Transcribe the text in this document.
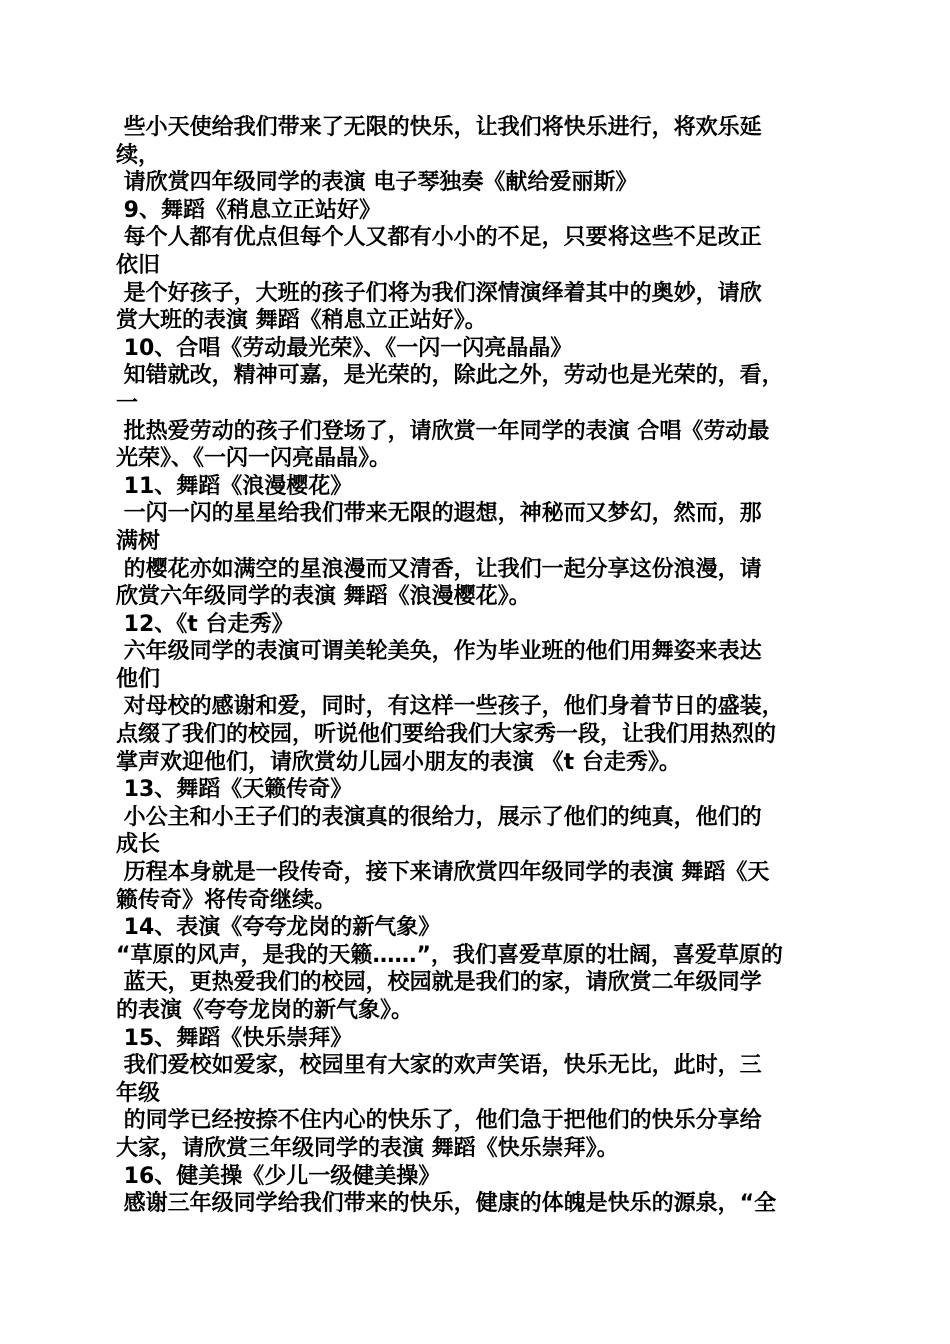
些小天使给我们带来了无限的快乐，让我们将快乐进行，将欢乐延

续，

请欣赏四年级同学的表演 电子琴独奏《献给爱丽斯》

9、舞蹈《稍息立正站好》

每个人都有优点但每个人又都有小小的不足，只要将这些不足改正

依旧

是个好孩子，大班的孩子们将为我们深情演绎着其中的奥妙，请欣

赏大班的表演 舞蹈《稍息立正站好》。

10、合唱《劳动最光荣》、《一闪一闪亮晶晶》

知错就改，精神可嘉，是光荣的，除此之外，劳动也是光荣的，看，

一

批热爱劳动的孩子们登场了，请欣赏一年同学的表演 合唱《劳动最

光荣》、《一闪一闪亮晶晶》。

11、舞蹈《浪漫樱花》

一闪一闪的星星给我们带来无限的遐想，神秘而又梦幻，然而，那

满树

的樱花亦如满空的星浪漫而又清香，让我们一起分享这份浪漫，请

欣赏六年级同学的表演 舞蹈《浪漫樱花》。

12、《t 台走秀》

六年级同学的表演可谓美轮美奂，作为毕业班的他们用舞姿来表达

他们

对母校的感谢和爱，同时，有这样一些孩子，他们身着节日的盛装，

点缀了我们的校园，听说他们要给我们大家秀一段，让我们用热烈的

掌声欢迎他们，请欣赏幼儿园小朋友的表演 《t 台走秀》。

13、舞蹈《天籁传奇》

小公主和小王子们的表演真的很给力，展示了他们的纯真，他们的

成长

历程本身就是一段传奇，接下来请欣赏四年级同学的表演 舞蹈《天

籁传奇》将传奇继续。

14、表演《夸夸龙岗的新气象》

“草原的风声，是我的天籁……”，我们喜爱草原的壮阔，喜爱草原的

蓝天，更热爱我们的校园，校园就是我们的家，请欣赏二年级同学

的表演《夸夸龙岗的新气象》。

15、舞蹈《快乐崇拜》

我们爱校如爱家，校园里有大家的欢声笑语，快乐无比，此时，三

年级

的同学已经按捺不住内心的快乐了，他们急于把他们的快乐分享给

大家，请欣赏三年级同学的表演 舞蹈《快乐崇拜》。

16、健美操《少儿一级健美操》

感谢三年级同学给我们带来的快乐，健康的体魄是快乐的源泉，“全
